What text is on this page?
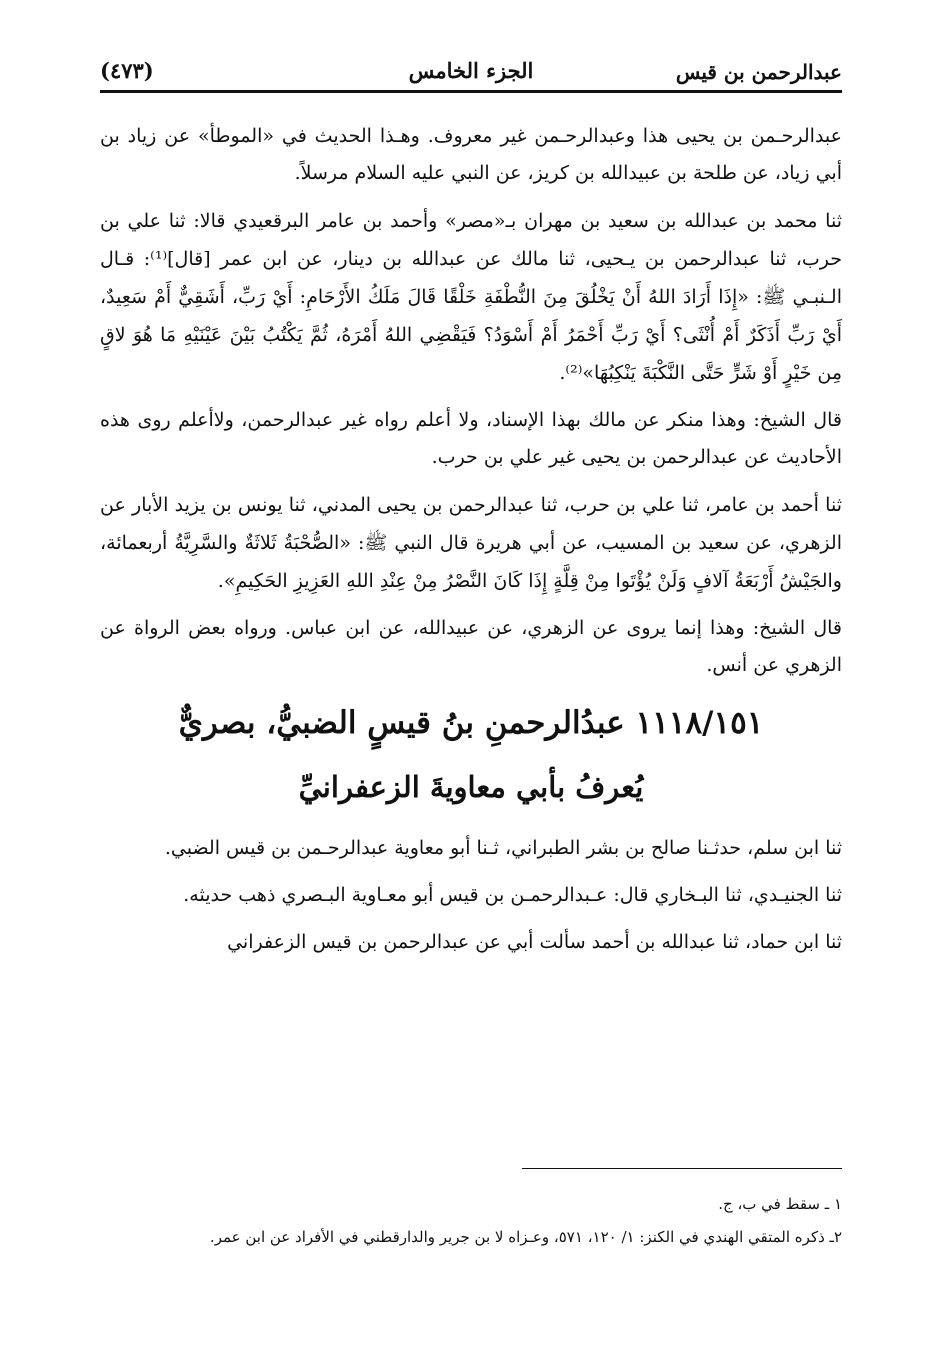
عبدالرحمن بن قيس
الجزء الخامس
(٤٧٣)

عبدالرحـمن بن يحيى هذا وعبدالرحـمن غير معروف. وهـذا الحديث في «الموطأ» عن زياد بن أبي زياد، عن طلحة بن عبيدالله بن كريز، عن النبي عليه السلام مرسلاً.

ثنا محمد بن عبدالله بن سعيد بن مهران بـ«مصر» وأحمد بن عامر البرقعيدي قالا: ثنا علي بن حرب، ثنا عبدالرحمن بن يـحيى، ثنا مالك عن عبدالله بن دينار، عن ابن عمر [قال]⁽¹⁾: قـال الـنبـي ﷺ: «إِذَا أَرَادَ اللهُ أَنْ يَخْلُقَ مِنَ النُّطْفَةِ خَلْقًا قَالَ مَلَكُ الأَرْحَامِ: أَيْ رَبِّ، أَشَقِيٌّ أَمْ سَعِيدٌ، أَيْ رَبِّ أَذَكَرٌ أَمْ أُنْثَى؟ أَيْ رَبِّ أَحْمَرُ أَمْ أَسْوَدُ؟ فَيَقْضِي اللهُ أَمْرَهُ، ثُمَّ يَكْتُبُ بَيْنَ عَيْنَيْهِ مَا هُوَ لاقٍ مِن خَيْرٍ أَوْ شَرٍّ حَتَّى النَّكْبَةَ يَنْكِبُهَا»⁽²⁾.

قال الشيخ: وهذا منكر عن مالك بهذا الإسناد، ولا أعلم رواه غير عبدالرحمن، ولاأعلم روى هذه الأحاديث عن عبدالرحمن بن يحيى غير علي بن حرب.

ثنا أحمد بن عامر، ثنا علي بن حرب، ثنا عبدالرحمن بن يحيى المدني، ثنا يونس بن يزيد الأبار عن الزهري، عن سعيد بن المسيب، عن أبي هريرة قال النبي ﷺ: «الصُّحْبَةُ ثَلاثَةٌ والسَّرِيَّةُ أربعمائة، والجَيْشُ أَرْبَعَةُ آلافٍ وَلَنْ يُؤْتَوا مِنْ قِلَّةٍ إِذَا كَانَ النَّصْرُ مِنْ عِنْدِ اللهِ العَزِيزِ الحَكِيمِ».

قال الشيخ: وهذا إنما يروى عن الزهري، عن عبيدالله، عن ابن عباس. ورواه بعض الرواة عن الزهري عن أنس.

١١١٨/١٥١ عبدُالرحمنِ بنُ قيسٍ الضبيُّ، بصريٌّ
يُعرفُ بأبي معاويةَ الزعفرانيِّ

ثنا ابن سلم، حدثـنا صالح بن بشر الطبراني، ثـنا أبو معاوية عبدالرحـمن بن قيس الضبي.

ثنا الجنيـدي، ثنا البـخاري قال: عـبدالرحمـن بن قيس أبو معـاوية البـصري ذهب حديثه.

ثنا ابن حماد، ثنا عبدالله بن أحمد سألت أبي عن عبدالرحمن بن قيس الزعفراني

١ ـ سقط في ب، ج.

٢ـ ذكره المتقي الهندي في الكنز: ١/ ١٢٠، ٥٧١، وعـزاه لا بن جرير والدارقطني في الأفراد عن ابن عمر.
